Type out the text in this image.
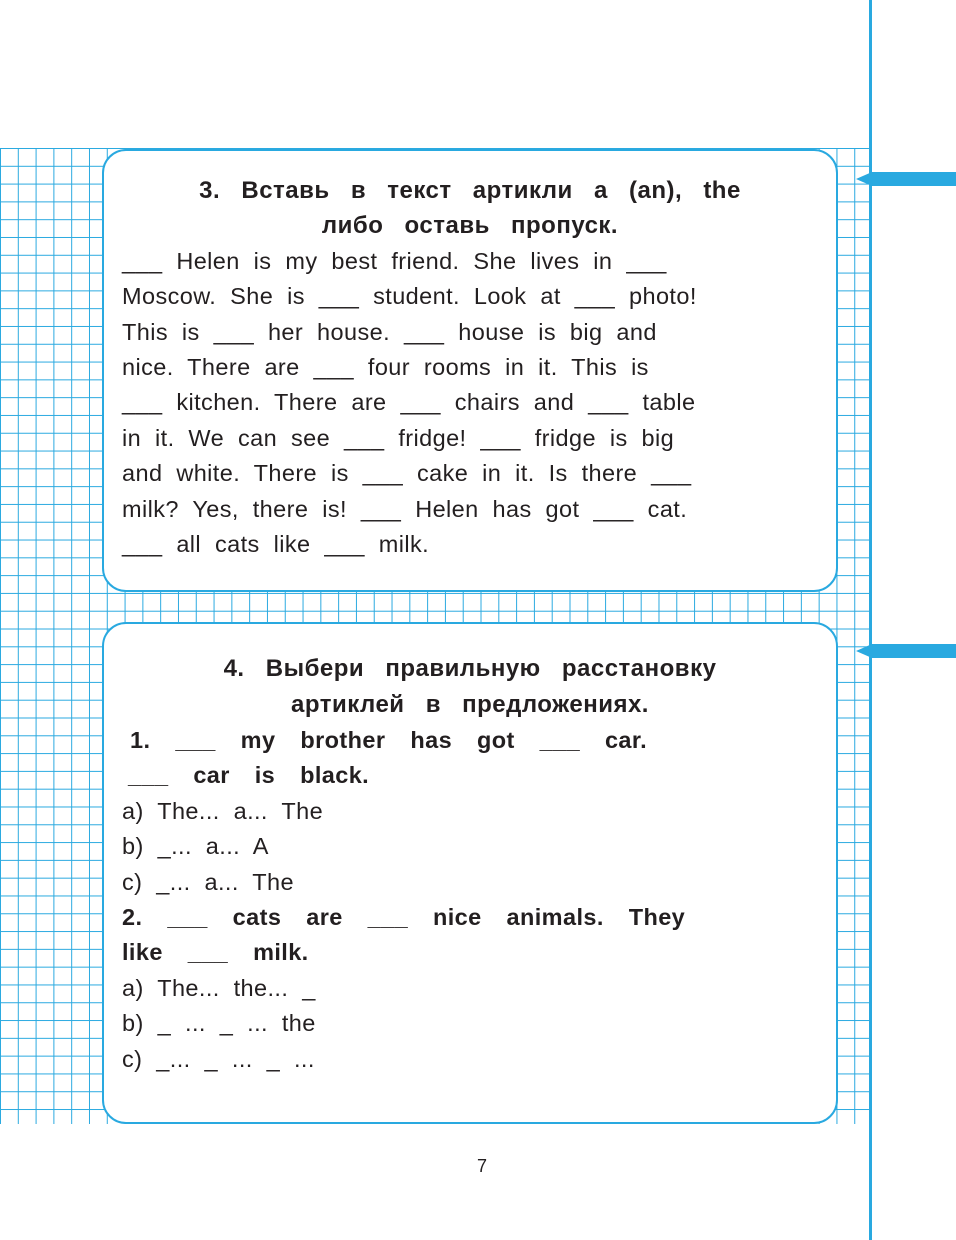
3. Вставь в текст артикли a (an), the
либо оставь пропуск.
___ Helen is my best friend. She lives in ___
Moscow. She is ___ student. Look at ___ photo!
This is ___ her house. ___ house is big and
nice. There are ___ four rooms in it. This is
___ kitchen. There are ___ chairs and ___ table
in it. We can see ___ fridge! ___ fridge is big
and white. There is ___ cake in it. Is there ___
milk? Yes, there is! ___ Helen has got ___ cat.
___ all cats like ___ milk.
4. Выбери правильную расстановку
артиклей в предложениях.
1. ___ my brother has got ___ car.
___ car is black.
a) The... a... The
b) _... a... A
c) _... a... The
2. ___ cats are ___ nice animals. They
like ___ milk.
a) The... the... _
b) _ ... _ ... the
c) _... _ ... _ ...
7
